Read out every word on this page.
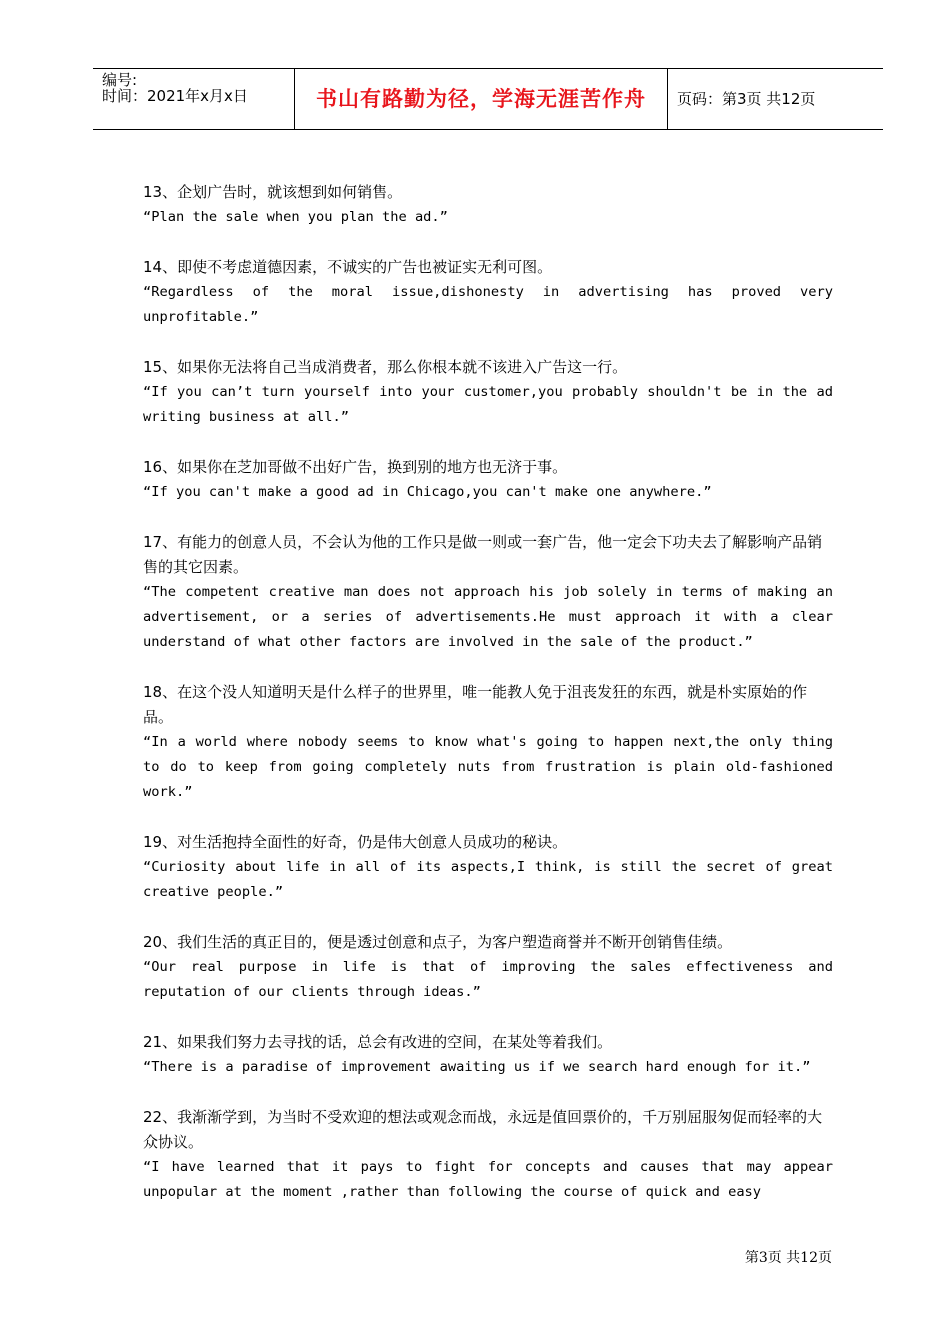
编号:
时间：2021年x月x日	书山有路勤为径，学海无涯苦作舟	页码：第3页 共12页
13、企划广告时，就该想到如何销售。
“Plan the sale when you plan the ad.”
14、即使不考虑道德因素，不诚实的广告也被证实无利可图。
“Regardless of the moral issue,dishonesty in advertising has proved very unprofitable.”
15、如果你无法将自己当成消费者，那么你根本就不该进入广告这一行。
“If you can’t turn yourself into your customer,you probably shouldn't be in the ad writing business at all.”
16、如果你在芝加哥做不出好广告，换到别的地方也无济于事。
“If you can't make a good ad in Chicago,you can't make one anywhere.”
17、有能力的创意人员，不会认为他的工作只是做一则或一套广告，他一定会下功夫去了解影响产品销售的其它因素。
“The competent creative man does not approach his job solely in terms of making an advertisement, or a series of advertisements.He must approach it with a clear understand of what other factors are involved in the sale of the product.”
18、在这个没人知道明天是什么样子的世界里，唯一能教人免于沮丧发狂的东西，就是朴实原始的作品。
“In a world where nobody seems to know what's going to happen next,the only thing to do to keep from going completely nuts from frustration is plain old-fashioned work.”
19、对生活抱持全面性的好奇，仍是伟大创意人员成功的秘诀。
“Curiosity about life in all of its aspects,I think, is still the secret of great creative people.”
20、我们生活的真正目的，便是透过创意和点子，为客户塑造商誉并不断开创销售佳绩。
“Our real purpose in life is that of improving the sales effectiveness and reputation of our clients through ideas.”
21、如果我们努力去寻找的话，总会有改进的空间，在某处等着我们。
“There is a paradise of improvement awaiting us if we search hard enough for it.”
22、我渐渐学到，为当时不受欢迎的想法或观念而战，永远是值回票价的，千万别屈服匆促而轻率的大众协议。
“I have learned that it pays to fight for concepts and causes that may appear unpopular at the moment ,rather than following the course of quick and easy
第3页 共12页
